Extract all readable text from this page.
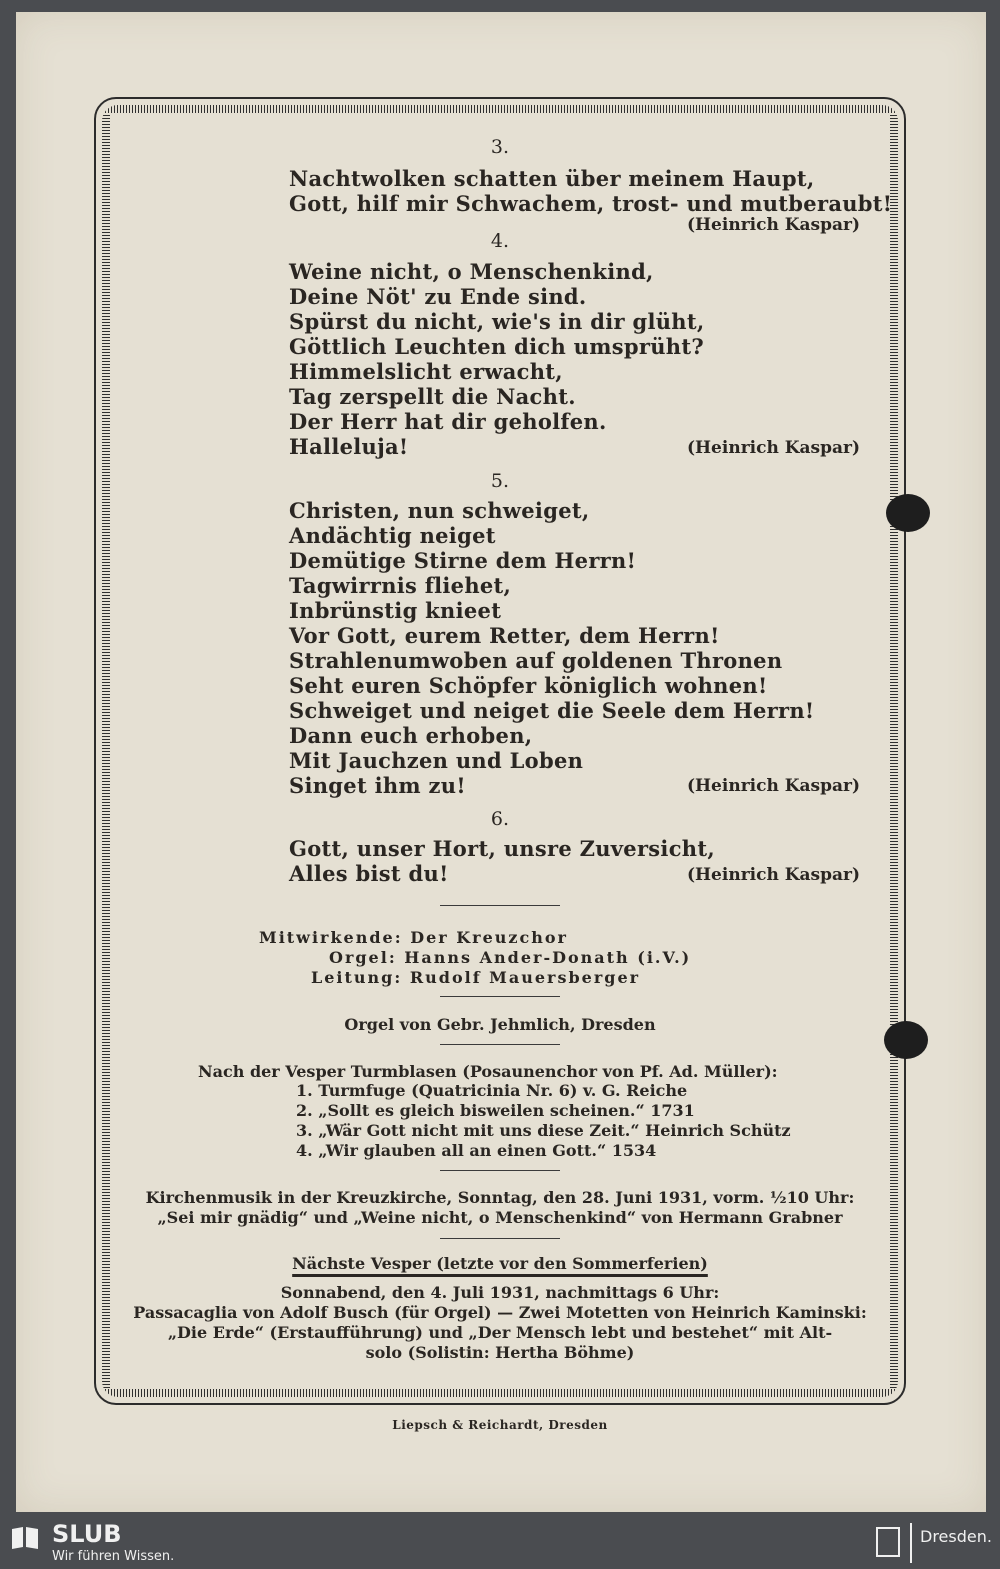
3.
Nachtwolken schatten über meinem Haupt,
Gott, hilf mir Schwachem, trost- und mutberaubt!
(Heinrich Kaspar)
4.
Weine nicht, o Menschenkind,
Deine Nöt' zu Ende sind.
Spürst du nicht, wie's in dir glüht,
Göttlich Leuchten dich umsprüht?
Himmelslicht erwacht,
Tag zerspellt die Nacht.
Der Herr hat dir geholfen.
Halleluja!	(Heinrich Kaspar)
5.
Christen, nun schweiget,
Andächtig neiget
Demütige Stirne dem Herrn!
Tagwirrnis fliehet,
Inbrünstig knieet
Vor Gott, eurem Retter, dem Herrn!
Strahlenumwoben auf goldenen Thronen
Seht euren Schöpfer königlich wohnen!
Schweiget und neiget die Seele dem Herrn!
Dann euch erhoben,
Mit Jauchzen und Loben
Singet ihm zu!	(Heinrich Kaspar)
6.
Gott, unser Hort, unsre Zuversicht,
Alles bist du!	(Heinrich Kaspar)
Mitwirkende: Der Kreuzchor
Orgel: Hanns Ander-Donath (i.V.)
Leitung: Rudolf Mauersberger
Orgel von Gebr. Jehmlich, Dresden
Nach der Vesper Turmblasen (Posaunenchor von Pf. Ad. Müller):
1. Turmfuge (Quatricinia Nr. 6) v. G. Reiche
2. „Sollt es gleich bisweilen scheinen.“ 1731
3. „Wär Gott nicht mit uns diese Zeit.“ Heinrich Schütz
4. „Wir glauben all an einen Gott.“ 1534
Kirchenmusik in der Kreuzkirche, Sonntag, den 28. Juni 1931, vorm. ½10 Uhr:
„Sei mir gnädig“ und „Weine nicht, o Menschenkind“ von Hermann Grabner
Nächste Vesper (letzte vor den Sommerferien)
Sonnabend, den 4. Juli 1931, nachmittags 6 Uhr:
Passacaglia von Adolf Busch (für Orgel) — Zwei Motetten von Heinrich Kaminski:
„Die Erde“ (Erstaufführung) und „Der Mensch lebt und bestehet“ mit Alt-
solo (Solistin: Hertha Böhme)
Liepsch & Reichardt, Dresden
SLUB
Wir führen Wissen.
Dresden.
